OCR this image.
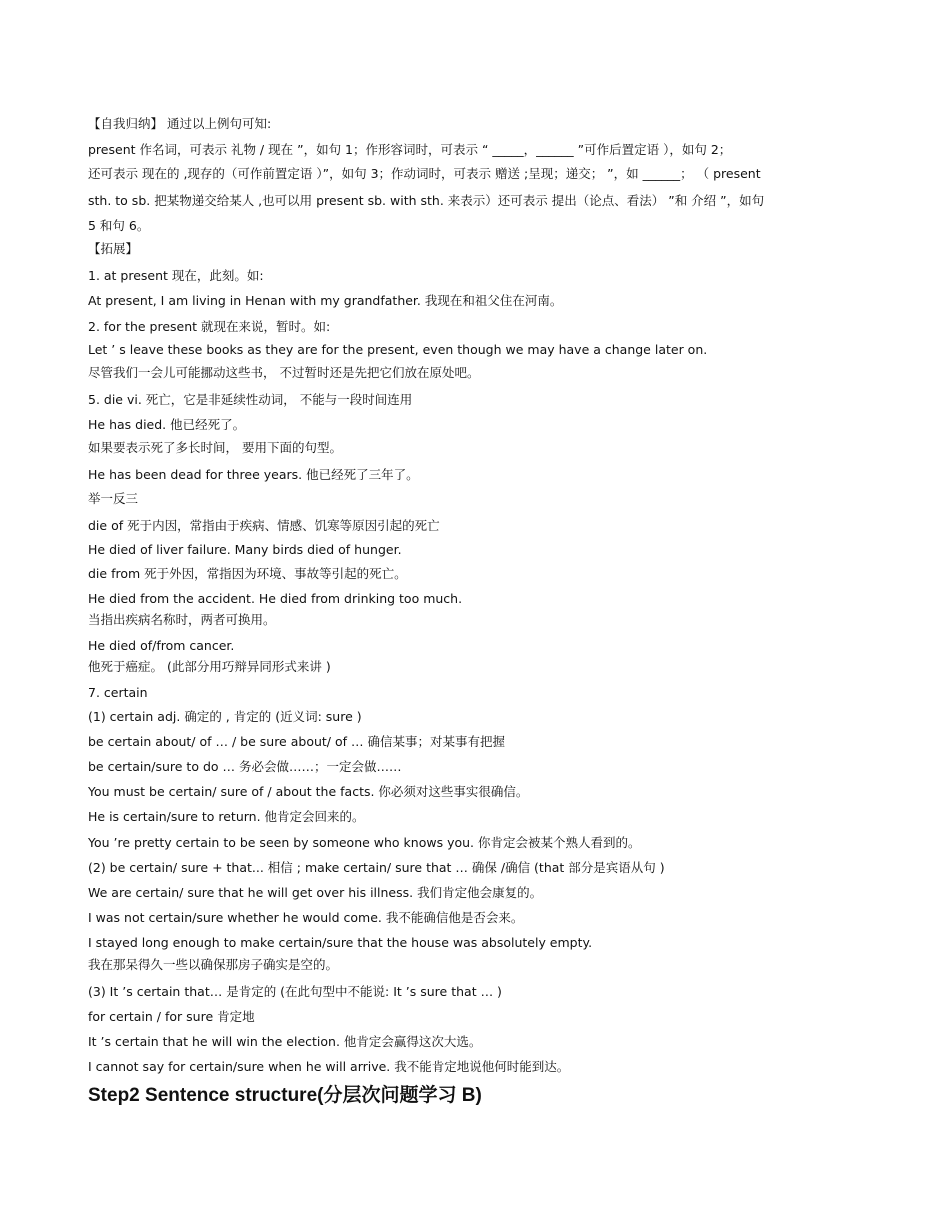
【自我归纳】 通过以上例句可知:
present 作名词，可表示 礼物 / 现在 ”，如句 1；作形容词时，可表示 “ _____，______ ”可作后置定语 ），如句 2；
还可表示 现在的 ,现存的（可作前置定语 ）”，如句 3；作动词时，可表示 赠送 ;呈现；递交； ”，如 ______； （ present
sth. to sb. 把某物递交给某人 ,也可以用 present sb. with sth. 来表示）还可表示 提出（论点、看法） ”和 介绍 ”，如句
5 和句 6。
【拓展】
1. at present 现在，此刻。如:
At present, I am living in Henan with my grandfather. 我现在和祖父住在河南。
2. for the present 就现在来说，暂时。如:
Let ’ s leave these books as they are for the present, even though we may have a change later on.
尽管我们一会儿可能挪动这些书， 不过暂时还是先把它们放在原处吧。
5. die vi. 死亡，它是非延续性动词， 不能与一段时间连用
He has died. 他已经死了。
如果要表示死了多长时间， 要用下面的句型。
He has been dead for three years. 他已经死了三年了。
举一反三
die of 死于内因，常指由于疾病、情感、饥寒等原因引起的死亡
He died of liver failure. Many birds died of hunger.
die from 死于外因，常指因为环境、事故等引起的死亡。
He died from the accident. He died from drinking too much.
当指出疾病名称时，两者可换用。
He died of/from cancer.
他死于癌症。 (此部分用巧辩异同形式来讲 )
7. certain
(1) certain adj. 确定的 , 肯定的 (近义词: sure )
be certain about/ of … / be sure about/ of … 确信某事；对某事有把握
be certain/sure to do … 务必会做……；一定会做……
You must be certain/ sure of / about the facts. 你必须对这些事实很确信。
He is certain/sure to return. 他肯定会回来的。
You ’re pretty certain to be seen by someone who knows you. 你肯定会被某个熟人看到的。
(2) be certain/ sure + that... 相信 ; make certain/ sure that … 确保 /确信 (that 部分是宾语从句 )
We are certain/ sure that he will get over his illness. 我们肯定他会康复的。
I was not certain/sure whether he would come. 我不能确信他是否会来。
I stayed long enough to make certain/sure that the house was absolutely empty.
我在那呆得久一些以确保那房子确实是空的。
(3) It ’s certain that… 是肯定的 (在此句型中不能说: It ’s sure that … )
for certain / for sure 肯定地
It ’s certain that he will win the election. 他肯定会赢得这次大选。
I cannot say for certain/sure when he will arrive. 我不能肯定地说他何时能到达。
Step2 Sentence structure(分层次问题学习 B)
